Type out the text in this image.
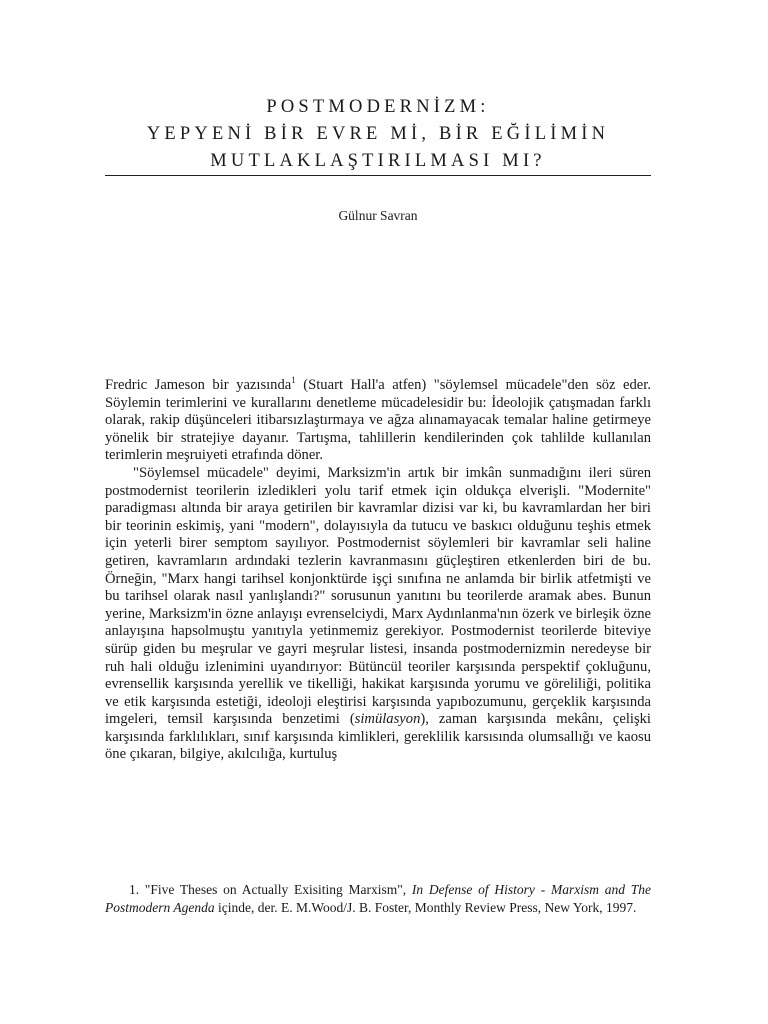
POSTMODERNİZM:
YEPYENİ BİR EVRE Mİ, BİR EĞİLİMİN
MUTLAKLAŞTIRILMASI MI?

Gülnur Savran

Fredric Jameson bir yazısında$^1$ (Stuart Hall'a atfen) "söylemsel mücadele"den söz eder. Söylemin terimlerini ve kurallarını denetleme mücadelesidir bu: İdeolojik çatışmadan farklı olarak, rakip düşünceleri itibarsızlaştırmaya ve ağza alınamayacak temalar haline getirmeye yönelik bir stratejiye dayanır. Tartışma, tahlillerin kendilerinden çok tahlilde kullanılan terimlerin meşruiyeti etrafında döner.

"Söylemsel mücadele" deyimi, Marksizm'in artık bir imkân sunmadığını ileri süren postmodernist teorilerin izledikleri yolu tarif etmek için oldukça elverişli. "Modernite" paradigması altında bir araya getirilen bir kavramlar dizisi var ki, bu kavramlardan her biri bir teorinin eskimiş, yani "modern", dolayısıyla da tutucu ve baskıcı olduğunu teşhis etmek için yeterli birer semptom sayılıyor. Postmodernist söylemleri bir kavramlar seli haline getiren, kavramların ardındaki tezlerin kavranmasını güçleştiren etkenlerden biri de bu. Örneğin, "Marx hangi tarihsel konjonktürde işçi sınıfına ne anlamda bir birlik atfetmişti ve bu tarihsel olarak nasıl yanlışlandı?" sorusunun yanıtını bu teorilerde aramak abes. Bunun yerine, Marksizm'in özne anlayışı evrenselciydi, Marx Aydınlanma'nın özerk ve birleşik özne anlayışına hapsolmuştu yanıtıyla yetinmemiz gerekiyor. Postmodernist teorilerde biteviye sürüp giden bu meşrular ve gayri meşrular listesi, insanda postmodernizmin neredeyse bir ruh hali olduğu izlenimini uyandırıyor: Bütüncül teoriler karşısında perspektif çokluğunu, evrensellik karşısında yerellik ve tikelliği, hakikat karşısında yorumu ve göreliliği, politika ve etik karşısında estetiği, ideoloji eleştirisi karşısında yapıbozumunu, gerçeklik karşısında imgeleri, temsil karşısında benzetimi (simülasyon), zaman karşısında mekânı, çelişki karşısında farklılıkları, sınıf karşısında kimlikleri, gereklilik karsısında olumsallığı ve kaosu öne çıkaran, bilgiye, akılcılığa, kurtuluş

1. "Five Theses on Actually Exisiting Marxism", In Defense of History - Marxism and The Postmodern Agenda içinde, der. E. M.Wood/J. B. Foster, Monthly Review Press, New York, 1997.
